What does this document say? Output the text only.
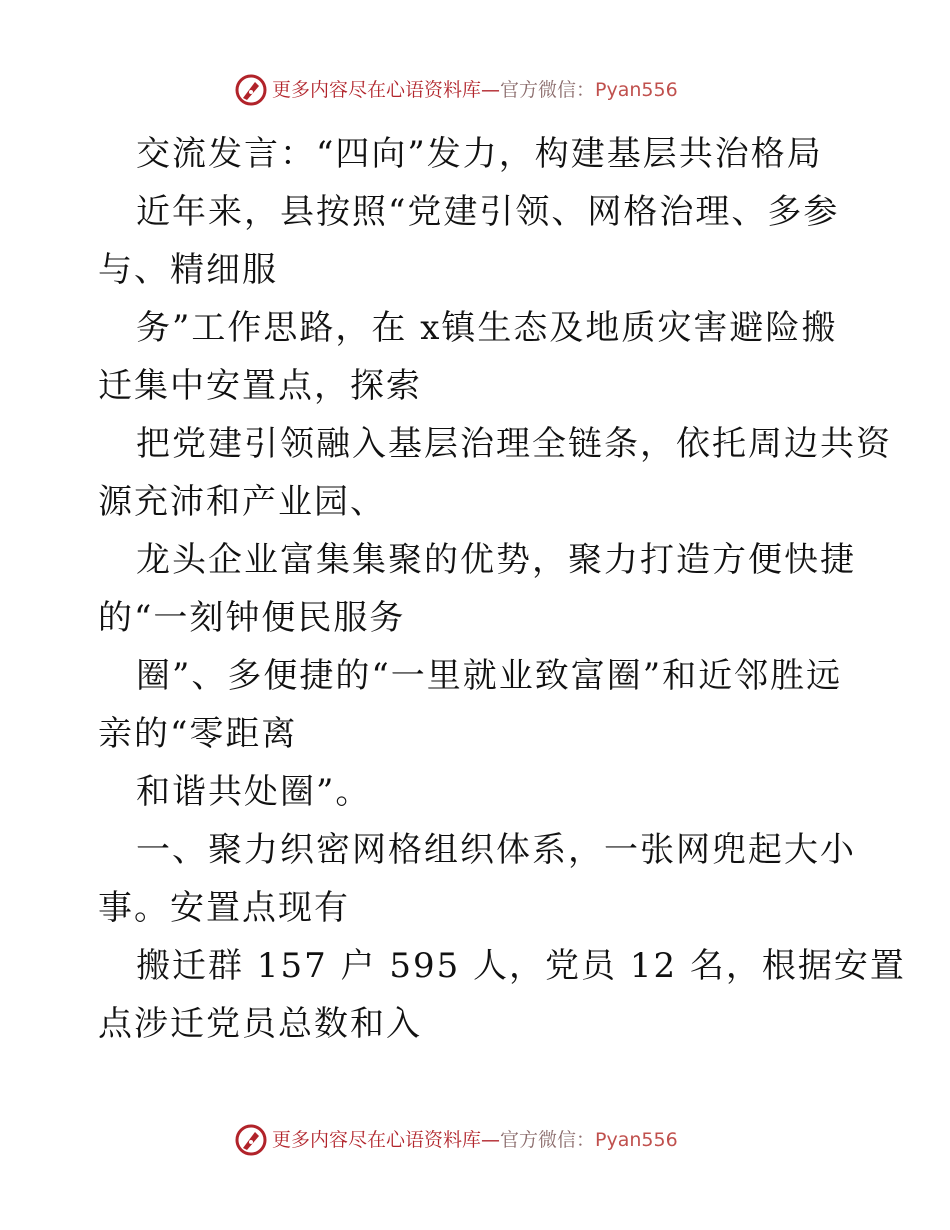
更多内容尽在心语资料库—官方微信：Pyan556
交流发言：“四向”发力，构建基层共治格局
近年来，县按照“党建引领、网格治理、多参
与、精细服
务”工作思路，在 x镇生态及地质灾害避险搬
迁集中安置点，探索
把党建引领融入基层治理全链条，依托周边共资
源充沛和产业园、
龙头企业富集集聚的优势，聚力打造方便快捷
的“一刻钟便民服务
圈”、多便捷的“一里就业致富圈”和近邻胜远
亲的“零距离
和谐共处圈”。
一、聚力织密网格组织体系，一张网兜起大小
事。安置点现有
搬迁群 157 户 595 人，党员 12 名，根据安置
点涉迁党员总数和入
更多内容尽在心语资料库—官方微信：Pyan556
